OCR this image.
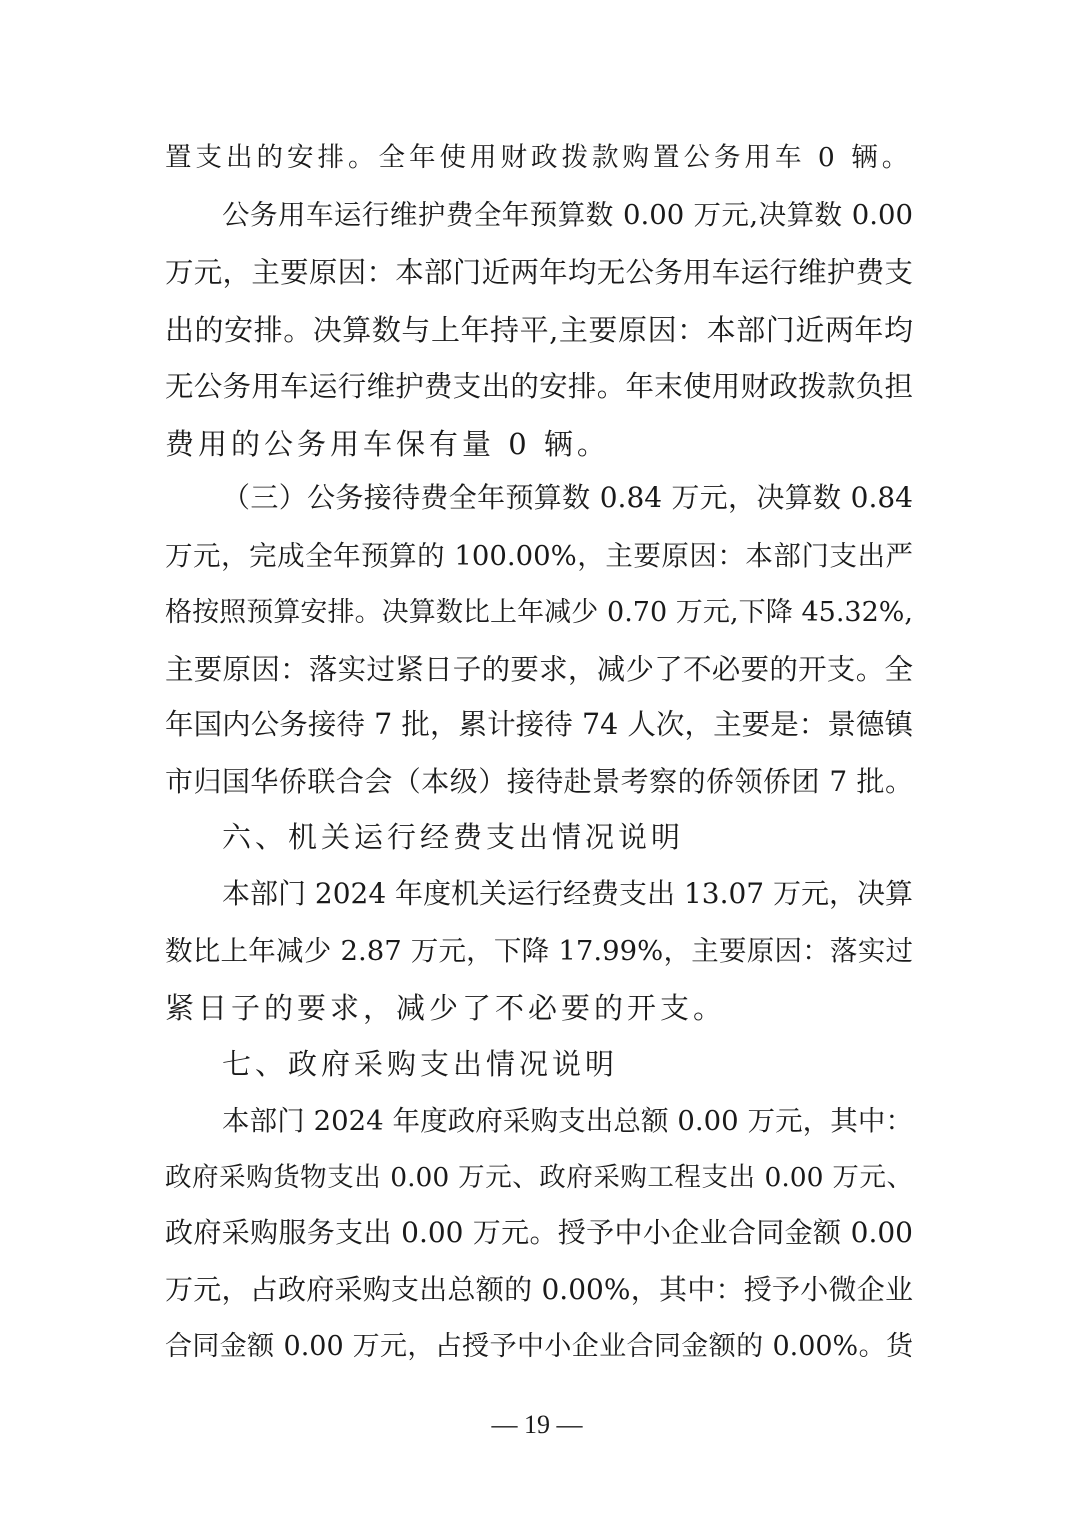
置支出的安排。全年使用财政拨款购置公务用车 0 辆。
公务用车运行维护费全年预算数 0.00 万元,决算数 0.00
万元，主要原因：本部门近两年均无公务用车运行维护费支
出的安排。决算数与上年持平,主要原因：本部门近两年均
无公务用车运行维护费支出的安排。年末使用财政拨款负担
费用的公务用车保有量 0 辆。
（三）公务接待费全年预算数 0.84 万元，决算数 0.84
万元，完成全年预算的 100.00%，主要原因：本部门支出严
格按照预算安排。决算数比上年减少 0.70 万元,下降 45.32%,
主要原因：落实过紧日子的要求，减少了不必要的开支。全
年国内公务接待 7 批，累计接待 74 人次，主要是：景德镇
市归国华侨联合会（本级）接待赴景考察的侨领侨团 7 批。
六、机关运行经费支出情况说明
本部门 2024 年度机关运行经费支出 13.07 万元，决算
数比上年减少 2.87 万元，下降 17.99%，主要原因：落实过
紧日子的要求，减少了不必要的开支。
七、政府采购支出情况说明
本部门 2024 年度政府采购支出总额 0.00 万元，其中：
政府采购货物支出 0.00 万元、政府采购工程支出 0.00 万元、
政府采购服务支出 0.00 万元。授予中小企业合同金额 0.00
万元，占政府采购支出总额的 0.00%，其中：授予小微企业
合同金额 0.00 万元，占授予中小企业合同金额的 0.00%。货
— 19 —
